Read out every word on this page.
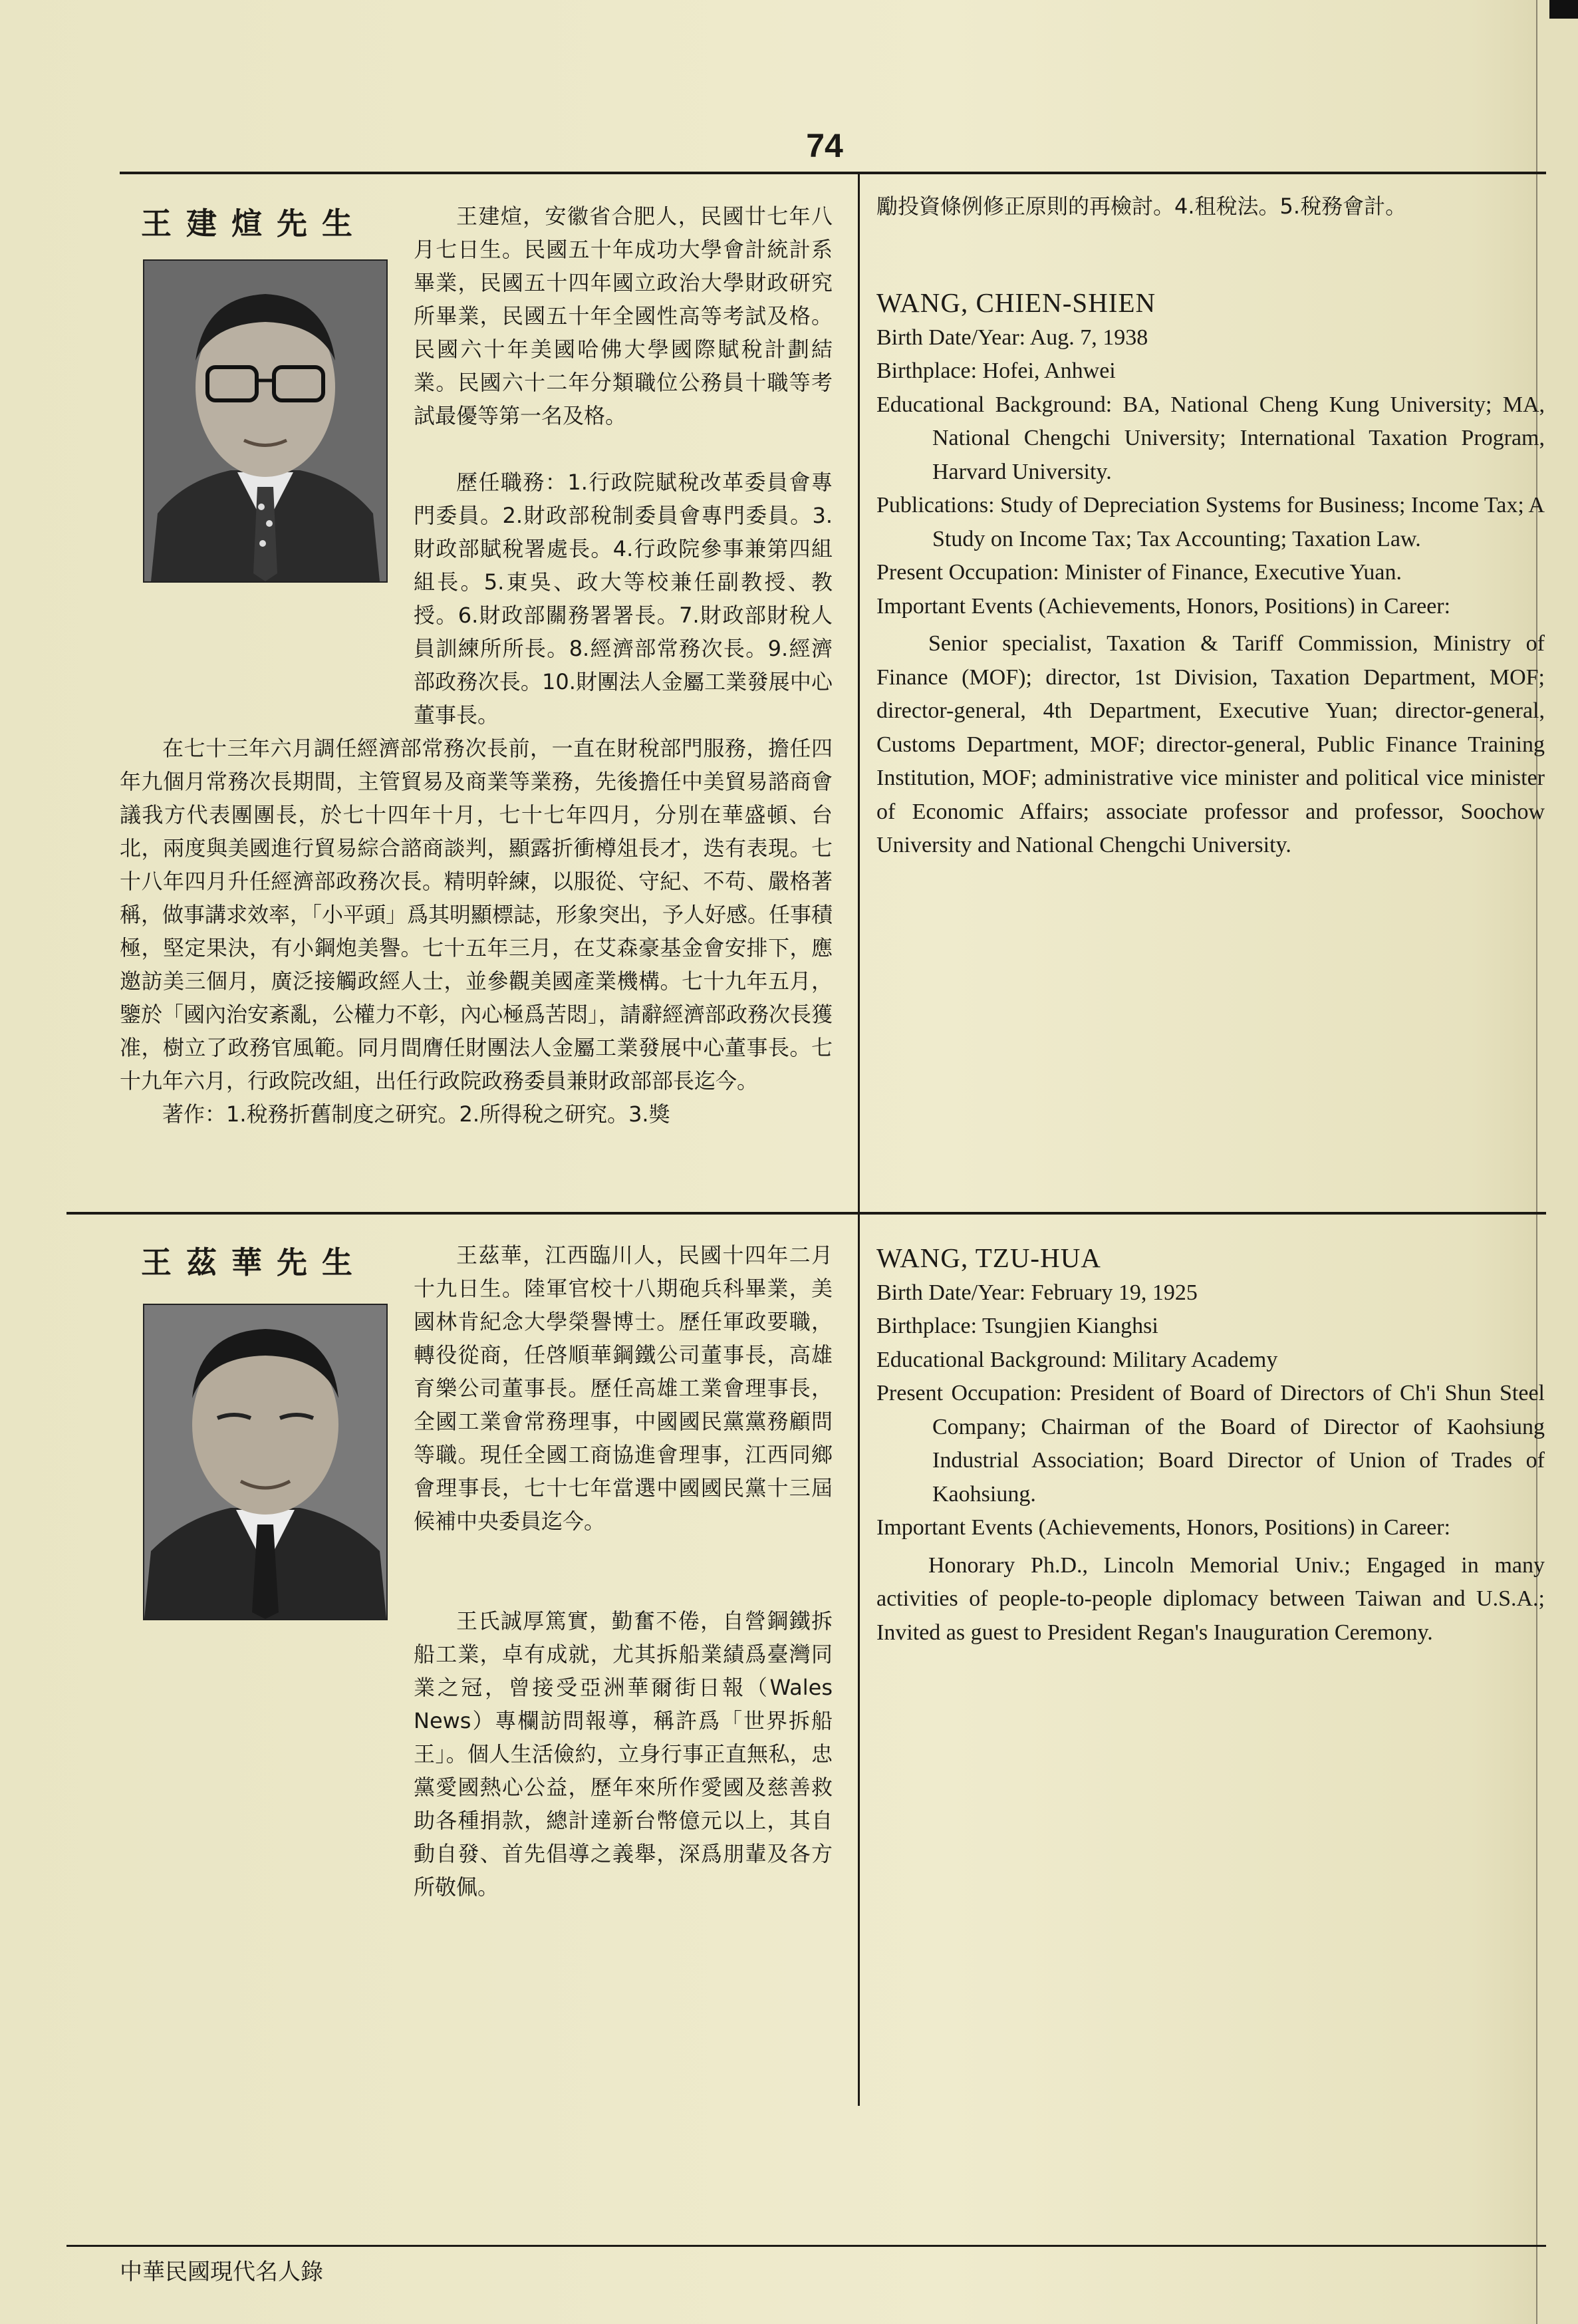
74
王建煊先生	王建煊，安徽省合肥人，民國廿七年八月七日生。民國五十年成功大學會計統計系畢業，民國五十四年國立政治大學財政研究所畢業，民國五十年全國性高等考試及格。民國六十年美國哈佛大學國際賦稅計劃結業。民國六十二年分類職位公務員十職等考試最優等第一名及格。

歷任職務：1.行政院賦稅改革委員會專門委員。2.財政部稅制委員會專門委員。3.財政部賦稅署處長。4.行政院參事兼第四組組長。5.東吳、政大等校兼任副教授、教授。6.財政部關務署署長。7.財政部財稅人員訓練所所長。8.經濟部常務次長。9.經濟部政務次長。10.財團法人金屬工業發展中心董事長。

在七十三年六月調任經濟部常務次長前，一直在財稅部門服務，擔任四年九個月常務次長期間，主管貿易及商業等業務，先後擔任中美貿易諮商會議我方代表團團長，於七十四年十月，七十七年四月，分別在華盛頓、台北，兩度與美國進行貿易綜合諮商談判，顯露折衝樽俎長才，迭有表現。七十八年四月升任經濟部政務次長。精明幹練，以服從、守紀、不苟、嚴格著稱，做事講求效率，「小平頭」爲其明顯標誌，形象突出，予人好感。任事積極，堅定果決，有小鋼炮美譽。七十五年三月，在艾森豪基金會安排下，應邀訪美三個月，廣泛接觸政經人士，並參觀美國產業機構。七十九年五月，鑒於「國內治安紊亂，公權力不彰，內心極爲苦悶」，請辭經濟部政務次長獲准，樹立了政務官風範。同月間膺任財團法人金屬工業發展中心董事長。七十九年六月，行政院改組，出任行政院政務委員兼財政部部長迄今。

著作：1.稅務折舊制度之研究。2.所得稅之研究。3.獎

勵投資條例修正原則的再檢討。4.租稅法。5.稅務會計。
WANG, CHIEN-SHIEN

Birth Date/Year: Aug. 7, 1938

Birthplace: Hofei, Anhwei

Educational Background: BA, National Cheng Kung University; MA, National Chengchi University; International Taxation Program, Harvard University.

Publications: Study of Depreciation Systems for Business; Income Tax; A Study on Income Tax; Tax Accounting; Taxation Law.

Present Occupation: Minister of Finance, Executive Yuan.

Important Events (Achievements, Honors, Positions) in Career:

Senior specialist, Taxation & Tariff Commission, Ministry of Finance (MOF); director, 1st Division, Taxation Department, MOF; director-general, 4th Department, Executive Yuan; director-general, Customs Department, MOF; director-general, Public Finance Training Institution, MOF; administrative vice minister and political vice minister of Economic Affairs; associate professor and professor, Soochow University and National Chengchi University.

王茲華先生	王茲華，江西臨川人，民國十四年二月十九日生。陸軍官校十八期砲兵科畢業，美國林肯紀念大學榮譽博士。歷任軍政要職，轉役從商，任啓順華鋼鐵公司董事長，高雄育樂公司董事長。歷任高雄工業會理事長，全國工業會常務理事，中國國民黨黨務顧問等職。現任全國工商協進會理事，江西同鄉會理事長，七十七年當選中國國民黨十三屆候補中央委員迄今。

王氏誠厚篤實，勤奮不倦，自營鋼鐵拆船工業，卓有成就，尤其拆船業績爲臺灣同業之冠，曾接受亞洲華爾街日報（Wales News）專欄訪問報導，稱許爲「世界拆船王」。個人生活儉約，立身行事正直無私，忠黨愛國熱心公益，歷年來所作愛國及慈善救助各種捐款，總計達新台幣億元以上，其自動自發、首先倡導之義舉，深爲朋輩及各方所敬佩。

WANG, TZU-HUA

Birth Date/Year: February 19, 1925

Birthplace: Tsungjien Kianghsi

Educational Background: Military Academy

Present Occupation: President of Board of Directors of Ch'i Shun Steel Company; Chairman of the Board of Director of Kaohsiung Industrial Association; Board Director of Union of Trades of Kaohsiung.

Important Events (Achievements, Honors, Positions) in Career:

Honorary Ph.D., Lincoln Memorial Univ.; Engaged in many activities of people-to-people diplomacy between Taiwan and U.S.A.; Invited as guest to President Regan's Inauguration Ceremony.

中華民國現代名人錄
